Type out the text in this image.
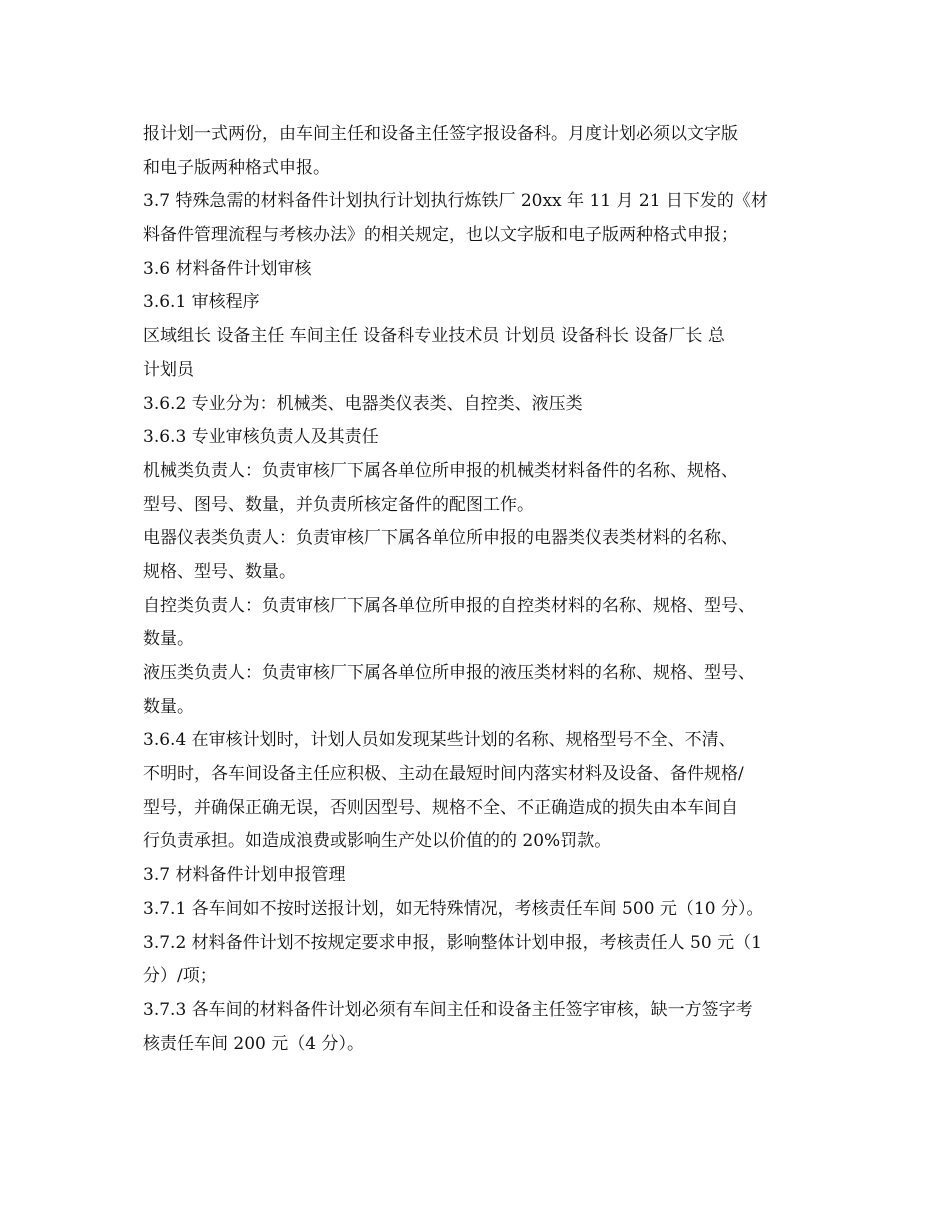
报计划一式两份，由车间主任和设备主任签字报设备科。月度计划必须以文字版
和电子版两种格式申报。
3.7 特殊急需的材料备件计划执行计划执行炼铁厂 20xx 年 11 月 21 日下发的《材
料备件管理流程与考核办法》的相关规定，也以文字版和电子版两种格式申报；
3.6 材料备件计划审核
3.6.1 审核程序
区域组长 设备主任 车间主任 设备科专业技术员 计划员 设备科长 设备厂长 总
计划员
3.6.2 专业分为：机械类、电器类仪表类、自控类、液压类
3.6.3 专业审核负责人及其责任
机械类负责人：负责审核厂下属各单位所申报的机械类材料备件的名称、规格、
型号、图号、数量，并负责所核定备件的配图工作。
电器仪表类负责人：负责审核厂下属各单位所申报的电器类仪表类材料的名称、
规格、型号、数量。
自控类负责人：负责审核厂下属各单位所申报的自控类材料的名称、规格、型号、
数量。
液压类负责人：负责审核厂下属各单位所申报的液压类材料的名称、规格、型号、
数量。
3.6.4 在审核计划时，计划人员如发现某些计划的名称、规格型号不全、不清、
不明时，各车间设备主任应积极、主动在最短时间内落实材料及设备、备件规格/
型号，并确保正确无误，否则因型号、规格不全、不正确造成的损失由本车间自
行负责承担。如造成浪费或影响生产处以价值的的 20%罚款。
3.7 材料备件计划申报管理
3.7.1 各车间如不按时送报计划，如无特殊情况，考核责任车间 500 元（10 分）。
3.7.2 材料备件计划不按规定要求申报，影响整体计划申报，考核责任人 50 元（1
分）/项；
3.7.3 各车间的材料备件计划必须有车间主任和设备主任签字审核，缺一方签字考
核责任车间 200 元（4 分）。
